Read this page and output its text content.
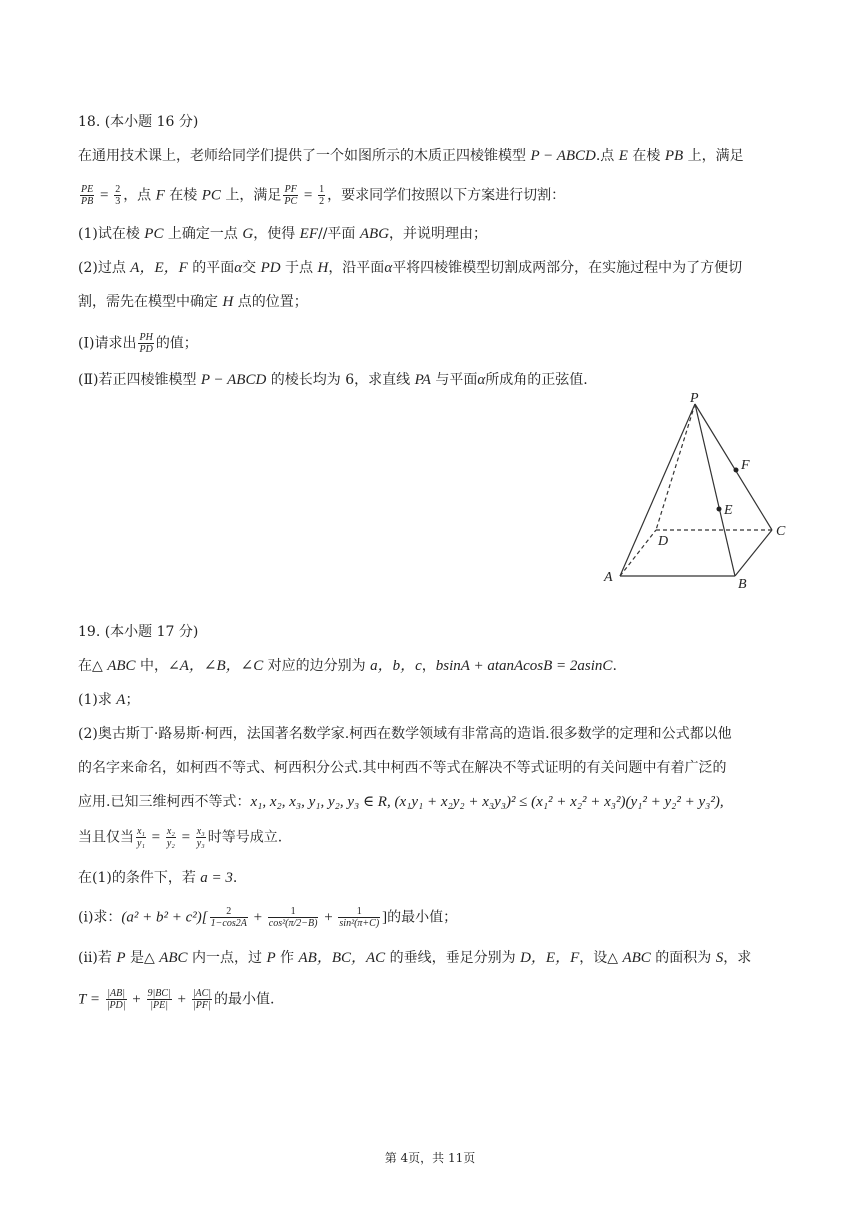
18. (本小题 16 分)
在通用技术课上，老师给同学们提供了一个如图所示的木质正四棱锥模型 P − ABCD.点 E 在棱 PB 上，满足
$\frac{PE}{PB} = \frac{2}{3}$ ，点 F 在棱 PC 上，满足 $\frac{PF}{PC} = \frac{1}{2}$ ，要求同学们按照以下方案进行切割：
(1)试在棱 PC 上确定一点 G，使得 EF//平面 ABG，并说明理由；
(2)过点 A，E，F 的平面α交 PD 于点 H，沿平面α平将四棱锥模型切割成两部分，在实施过程中为了方便切
割，需先在模型中确定 H 点的位置；
(Ⅰ)请求出 $\frac{PH}{PD}$ 的值；
(Ⅱ)若正四棱锥模型 P − ABCD 的棱长均为 6，求直线 PA 与平面α所成角的正弦值.
P
F
E
D
C
A	B
19. (本小题 17 分)
在△ ABC 中，∠A，∠B，∠C 对应的边分别为 a，b，c，bsinA + atanAcosB = 2asinC.
(1)求 A；
(2)奥古斯丁·路易斯·柯西，法国著名数学家.柯西在数学领域有非常高的造诣.很多数学的定理和公式都以他
的名字来命名，如柯西不等式、柯西积分公式.其中柯西不等式在解决不等式证明的有关问题中有着广泛的
应用.已知三维柯西不等式：x₁, x₂, x₃, y₁, y₂, y₃ ∈ R, (x₁y₁ + x₂y₂ + x₃y₃)² ≤ (x₁² + x₂² + x₃²)(y₁² + y₂² + y₃²),
当且仅当 $\frac{\text{x₁}}{\text{y₁}} = \frac{\text{x₂}}{\text{y₂}} = \frac{\text{x₃}}{\text{y₃}}$ 时等号成立.
在(1)的条件下，若 a = 3.
(ⅰ)求：$(a^2 + b^2 + c^2)[ \frac{2}{1-\cos 2A} + \frac{1}{\text{cos²(π/2−B)}} + \frac{1}{\text{sin²(π+C)}}$ ]的最小值；
(ⅱ)若 P 是△ ABC 内一点，过 P 作 AB，BC，AC 的垂线，垂足分别为 D，E，F，设△ ABC 的面积为 S，求
$T = \frac{|AB|}{|PD|} + \frac{9|BC|}{|PE|} + \frac{|AC|}{|PF|}$ 的最小值.
第 4页，共 11页
